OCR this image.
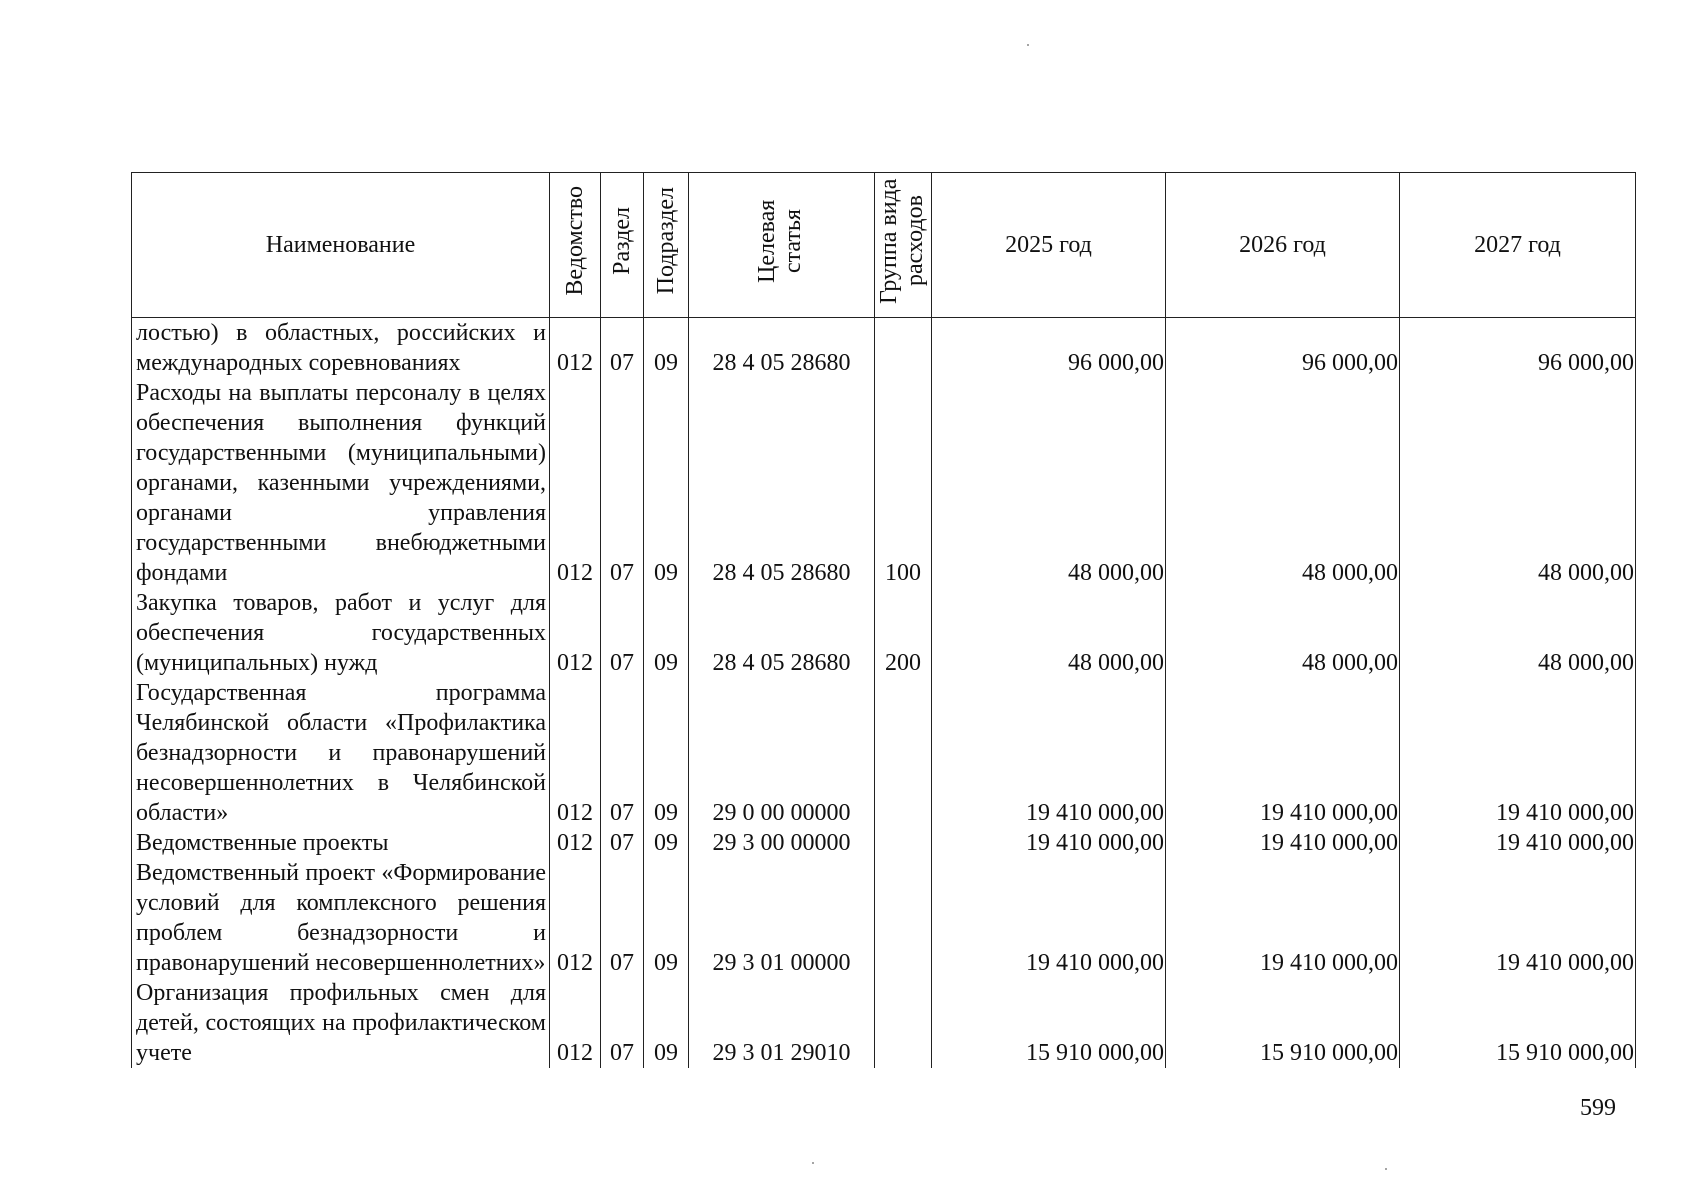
Наименование	Ведомство	Раздел	Подраздел	Целевая статья	Группа вида расходов	2025 год	2026 год	2027 год
лостью) в областных, российских и международных соревнованиях	012	07	09	28 4 05 28680		96 000,00	96 000,00	96 000,00
Расходы на выплаты персоналу в целях обеспечения выполнения функций государственными (муниципальными) органами, казенными учреждениями, органами управления государственными внебюджетными фондами	012	07	09	28 4 05 28680	100	48 000,00	48 000,00	48 000,00
Закупка товаров, работ и услуг для обеспечения государственных (муниципальных) нужд	012	07	09	28 4 05 28680	200	48 000,00	48 000,00	48 000,00
Государственная программа Челябинской области «Профилактика безнадзорности и правонарушений несовершеннолетних в Челябинской области»	012	07	09	29 0 00 00000		19 410 000,00	19 410 000,00	19 410 000,00
Ведомственные проекты	012	07	09	29 3 00 00000		19 410 000,00	19 410 000,00	19 410 000,00
Ведомственный проект «Формирование условий для комплексного решения проблем безнадзорности и правонарушений несовершеннолетних»	012	07	09	29 3 01 00000		19 410 000,00	19 410 000,00	19 410 000,00
Организация профильных смен для детей, состоящих на профилактическом учете	012	07	09	29 3 01 29010		15 910 000,00	15 910 000,00	15 910 000,00
599
